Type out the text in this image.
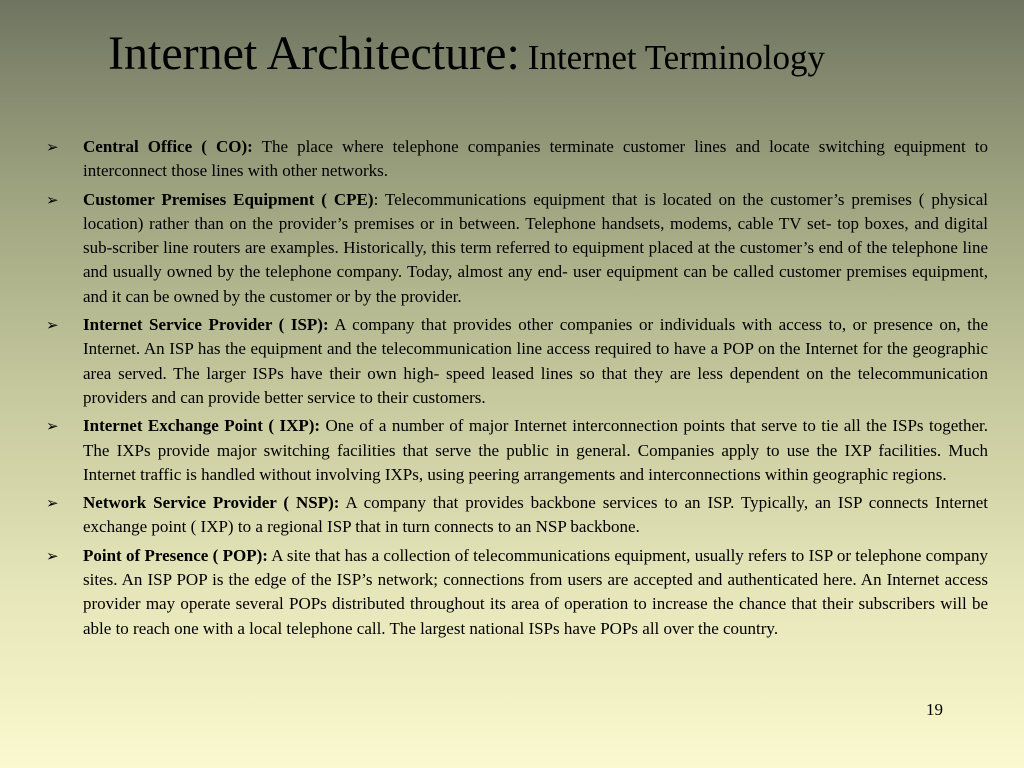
Internet Architecture: Internet Terminology
➢ Central Office ( CO): The place where telephone companies terminate customer lines and locate switching equipment to interconnect those lines with other networks.
➢ Customer Premises Equipment ( CPE): Telecommunications equipment that is located on the customer’s premises ( physical location) rather than on the provider’s premises or in between. Telephone handsets, modems, cable TV set- top boxes, and digital sub-scriber line routers are examples. Historically, this term referred to equipment placed at the customer’s end of the telephone line and usually owned by the telephone company. Today, almost any end- user equipment can be called customer premises equipment, and it can be owned by the customer or by the provider.
➢ Internet Service Provider ( ISP): A company that provides other companies or individuals with access to, or presence on, the Internet. An ISP has the equipment and the telecommunication line access required to have a POP on the Internet for the geographic area served. The larger ISPs have their own high- speed leased lines so that they are less dependent on the telecommunication providers and can provide better service to their customers.
➢ Internet Exchange Point ( IXP): One of a number of major Internet interconnection points that serve to tie all the ISPs together. The IXPs provide major switching facilities that serve the public in general. Companies apply to use the IXP facilities. Much Internet traffic is handled without involving IXPs, using peering arrangements and interconnections within geographic regions.
➢ Network Service Provider ( NSP): A company that provides backbone services to an ISP. Typically, an ISP connects Internet exchange point ( IXP) to a regional ISP that in turn connects to an NSP backbone.
➢ Point of Presence ( POP): A site that has a collection of telecommunications equipment, usually refers to ISP or telephone company sites. An ISP POP is the edge of the ISP’s network; connections from users are accepted and authenticated here. An Internet access provider may operate several POPs distributed throughout its area of operation to increase the chance that their subscribers will be able to reach one with a local telephone call. The largest national ISPs have POPs all over the country.
19
